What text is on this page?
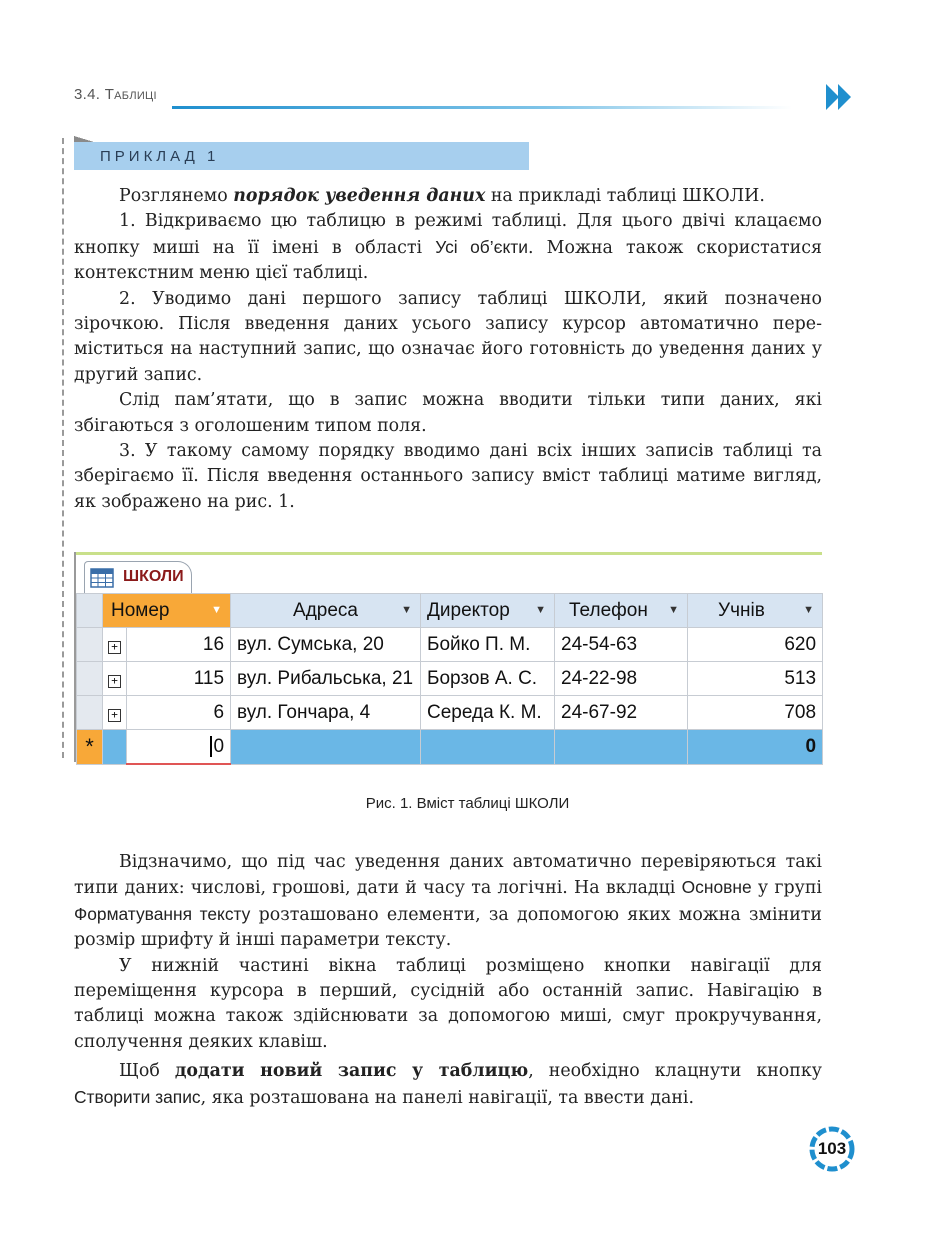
3.4. Таблиці
ПРИКЛАД 1

Розглянемо порядок уведення даних на прикладі таблиці ШКОЛИ.

1. Відкриваємо цю таблицю в режимі таблиці. Для цього двічі клацаємо кнопку миші на її імені в області Усі об’єкти. Можна також скористатися контекстним меню цієї таблиці.

2. Уводимо дані першого запису таблиці ШКОЛИ, який позначено зірочкою. Після введення даних усього запису курсор автоматично переміститься на наступний запис, що означає його готовність до уведення даних у другий запис.

Слід пам’ятати, що в запис можна вводити тільки типи даних, які збігаються з оголошеним типом поля.

3. У такому самому порядку вводимо дані всіх інших записів таблиці та зберігаємо її. Після введення останнього запису вміст таблиці матиме вигляд, як зображено на рис. 1.

ШКОЛИ
	Номер ▼		Адреса ▼	Директор ▼	Телефон ▼	Учнів ▼

	+	16	вул. Сумська, 20	Бойко П. М.	24-54-63	620
	+	115	вул. Рибальська, 21	Борзов А. С.	24-22-98	513
	+	6	вул. Гончара, 4	Середа К. М.	24-67-92	708
*		0				0
Рис. 1. Вміст таблиці ШКОЛИ

Відзначимо, що під час уведення даних автоматично перевіряються такі типи даних: числові, грошові, дати й часу та логічні. На вкладці Основне у групі Форматування тексту розташовано елементи, за допомогою яких можна змінити розмір шрифту й інші параметри тексту.

У нижній частині вікна таблиці розміщено кнопки навігації для переміщення курсора в перший, сусідній або останній запис. Навігацію в таблиці можна також здійснювати за допомогою миші, смуг прокручування, сполучення деяких клавіш.

Щоб додати новий запис у таблицю, необхідно клацнути кнопку Створити запис, яка розташована на панелі навігації, та ввести дані.

103
